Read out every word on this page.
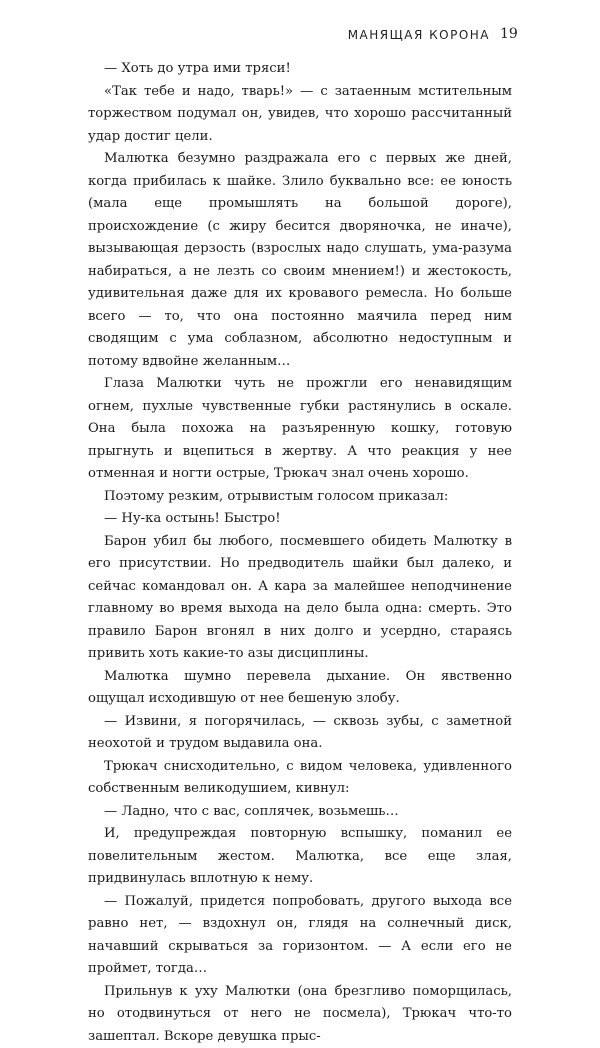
МАНЯЩАЯ КОРОНА 19

— Хоть до утра ими тряси!

«Так тебе и надо, тварь!» — с затаенным мстительным торжеством подумал он, увидев, что хорошо рассчитанный удар достиг цели.

Малютка безумно раздражала его с первых же дней, когда прибилась к шайке. Злило буквально все: ее юность (мала еще промышлять на большой дороге), происхождение (с жиру бесится дворяночка, не иначе), вызывающая дерзость (взрослых надо слушать, ума-разума набираться, а не лезть со своим мнением!) и жестокость, удивительная даже для их кровавого ремесла. Но больше всего — то, что она постоянно маячила перед ним сводящим с ума соблазном, абсолютно недоступным и потому вдвойне желанным…

Глаза Малютки чуть не прожгли его ненавидящим огнем, пухлые чувственные губки растянулись в оскале. Она была похожа на разъяренную кошку, готовую прыгнуть и вцепиться в жертву. А что реакция у нее отменная и ногти острые, Трюкач знал очень хорошо.

Поэтому резким, отрывистым голосом приказал:

— Ну-ка остынь! Быстро!

Барон убил бы любого, посмевшего обидеть Малютку в его присутствии. Но предводитель шайки был далеко, и сейчас командовал он. А кара за малейшее неподчинение главному во время выхода на дело была одна: смерть. Это правило Барон вгонял в них долго и усердно, стараясь привить хоть какие-то азы дисциплины.

Малютка шумно перевела дыхание. Он явственно ощущал исходившую от нее бешеную злобу.

— Извини, я погорячилась, — сквозь зубы, с заметной неохотой и трудом выдавила она.

Трюкач снисходительно, с видом человека, удивленного собственным великодушием, кивнул:

— Ладно, что с вас, соплячек, возьмешь…

И, предупреждая повторную вспышку, поманил ее повелительным жестом. Малютка, все еще злая, придвинулась вплотную к нему.

— Пожалуй, придется попробовать, другого выхода все равно нет, — вздохнул он, глядя на солнечный диск, начавший скрываться за горизонтом. — А если его не проймет, тогда…

Прильнув к уху Малютки (она брезгливо поморщилась, но отодвинуться от него не посмела), Трюкач что-то зашептал. Вскоре девушка прыс-
